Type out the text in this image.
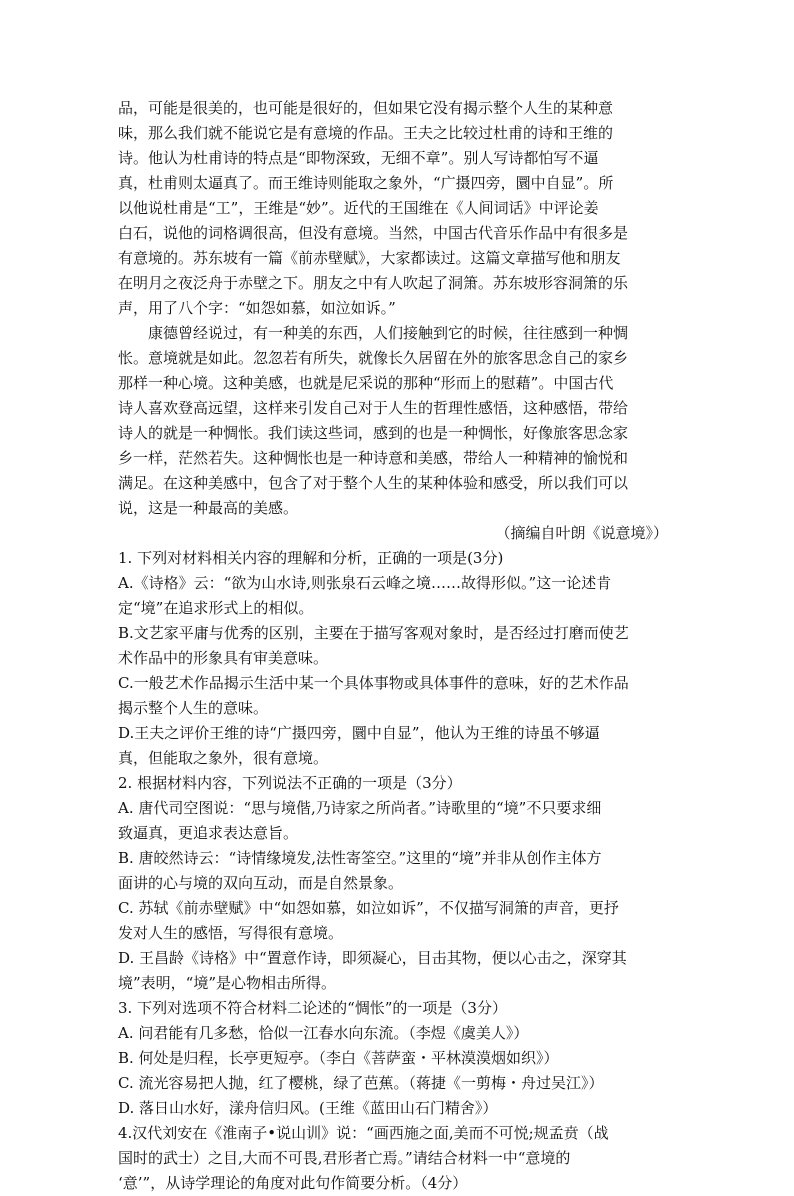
品，可能是很美的，也可能是很好的，但如果它没有揭示整个人生的某种意
味，那么我们就不能说它是有意境的作品。王夫之比较过杜甫的诗和王维的
诗。他认为杜甫诗的特点是“即物深致，无细不章”。别人写诗都怕写不逼
真，杜甫则太逼真了。而王维诗则能取之象外，“广摄四旁，圜中自显”。所
以他说杜甫是“工”，王维是“妙”。近代的王国维在《人间词话》中评论姜
白石，说他的词格调很高，但没有意境。当然，中国古代音乐作品中有很多是
有意境的。苏东坡有一篇《前赤壁赋》，大家都读过。这篇文章描写他和朋友
在明月之夜泛舟于赤壁之下。朋友之中有人吹起了洞箫。苏东坡形容洞箫的乐
声，用了八个字：“如怨如慕，如泣如诉。”
康德曾经说过，有一种美的东西，人们接触到它的时候，往往感到一种惆
怅。意境就是如此。忽忽若有所失，就像长久居留在外的旅客思念自己的家乡
那样一种心境。这种美感，也就是尼采说的那种“形而上的慰藉”。中国古代
诗人喜欢登高远望，这样来引发自己对于人生的哲理性感悟，这种感悟，带给
诗人的就是一种惆怅。我们读这些词，感到的也是一种惆怅，好像旅客思念家
乡一样，茫然若失。这种惆怅也是一种诗意和美感，带给人一种精神的愉悦和
满足。在这种美感中，包含了对于整个人生的某种体验和感受，所以我们可以
说，这是一种最高的美感。
（摘编自叶朗《说意境》）
1. 下列对材料相关内容的理解和分析，正确的一项是(3分)
A.《诗格》云：“欲为山水诗,则张泉石云峰之境……故得形似。”这一论述肯
定“境”在追求形式上的相似。
B.文艺家平庸与优秀的区别，主要在于描写客观对象时，是否经过打磨而使艺
术作品中的形象具有审美意味。
C.一般艺术作品揭示生活中某一个具体事物或具体事件的意味，好的艺术作品
揭示整个人生的意味。
D.王夫之评价王维的诗“广摄四旁，圜中自显”，他认为王维的诗虽不够逼
真，但能取之象外，很有意境。
2. 根据材料内容，下列说法不正确的一项是（3分）
A. 唐代司空图说：“思与境偕,乃诗家之所尚者。”诗歌里的“境”不只要求细
致逼真，更追求表达意旨。
B. 唐皎然诗云：“诗情缘境发,法性寄筌空。”这里的“境”并非从创作主体方
面讲的心与境的双向互动，而是自然景象。
C. 苏轼《前赤壁赋》中“如怨如慕，如泣如诉”，不仅描写洞箫的声音，更抒
发对人生的感悟，写得很有意境。
D. 王昌龄《诗格》中“置意作诗，即须凝心，目击其物，便以心击之，深穿其
境”表明，“境”是心物相击所得。
3. 下列对选项不符合材料二论述的“惆怅”的一项是（3分）
A. 问君能有几多愁，恰似一江春水向东流。（李煜《虞美人》）
B. 何处是归程，长亭更短亭。（李白《菩萨蛮・平林漠漠烟如织》）
C. 流光容易把人抛，红了樱桃，绿了芭蕉。（蒋捷《一剪梅・舟过吴江》）
D. 落日山水好，漾舟信归风。(王维《蓝田山石门精舍》）
4.汉代刘安在《淮南子•说山训》说：“画西施之面,美而不可悦;规孟贲（战
国时的武士）之目,大而不可畏,君形者亡焉。”请结合材料一中“意境的
‘意’”，从诗学理论的角度对此句作简要分析。（4分）
